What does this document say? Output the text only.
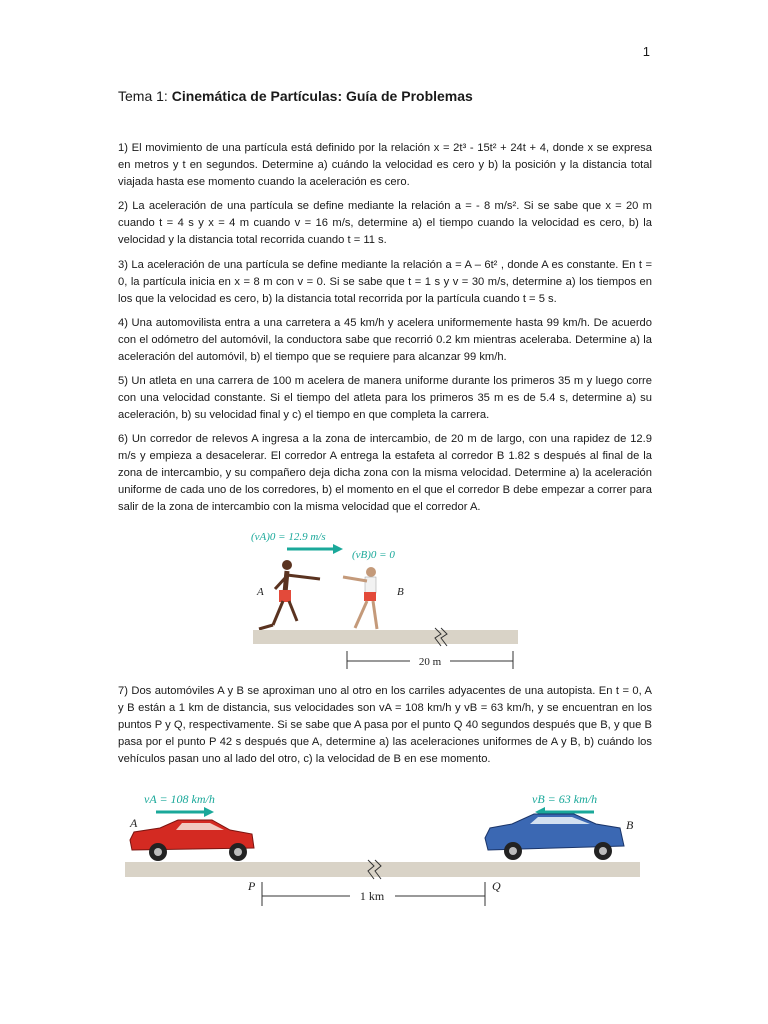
1
Tema 1: Cinemática de Partículas: Guía de Problemas

1) El movimiento de una partícula está definido por la relación x = 2t³ - 15t² + 24t + 4, donde x se expresa en metros y t en segundos. Determine a) cuándo la velocidad es cero y b) la posición y la distancia total viajada hasta ese momento cuando la aceleración es cero.

2) La aceleración de una partícula se define mediante la relación a = - 8 m/s². Si se sabe que x = 20 m cuando t = 4 s y x = 4 m cuando v = 16 m/s, determine a) el tiempo cuando la velocidad es cero, b) la velocidad y la distancia total recorrida cuando t = 11 s.

3) La aceleración de una partícula se define mediante la relación a = A – 6t² , donde A es constante. En t = 0, la partícula inicia en x = 8 m con v = 0. Si se sabe que t = 1 s y v = 30 m/s, determine a) los tiempos en los que la velocidad es cero, b) la distancia total recorrida por la partícula cuando t = 5 s.

4) Una automovilista entra a una carretera a 45 km/h y acelera uniformemente hasta 99 km/h. De acuerdo con el odómetro del automóvil, la conductora sabe que recorrió 0.2 km mientras aceleraba. Determine a) la aceleración del automóvil, b) el tiempo que se requiere para alcanzar 99 km/h.

5) Un atleta en una carrera de 100 m acelera de manera uniforme durante los primeros 35 m y luego corre con una velocidad constante. Si el tiempo del atleta para los primeros 35 m es de 5.4 s, determine a) su aceleración, b) su velocidad final y c) el tiempo en que completa la carrera.

6) Un corredor de relevos A ingresa a la zona de intercambio, de 20 m de largo, con una rapidez de 12.9 m/s y empieza a desacelerar. El corredor A entrega la estafeta al corredor B 1.82 s después al final de la zona de intercambio, y su compañero deja dicha zona con la misma velocidad. Determine a) la aceleración uniforme de cada uno de los corredores, b) el momento en el que el corredor B debe empezar a correr para salir de la zona de intercambio con la misma velocidad que el corredor A.

(vA)0 = 12.9 m/s
(vB)0 = 0
A	B
20 m

7) Dos automóviles A y B se aproximan uno al otro en los carriles adyacentes de una autopista. En t = 0, A y B están a 1 km de distancia, sus velocidades son vA = 108 km/h y vB = 63 km/h, y se encuentran en los puntos P y Q, respectivamente. Si se sabe que A pasa por el punto Q 40 segundos después que B, y que B pasa por el punto P 42 s después que A, determine a) las aceleraciones uniformes de A y B, b) cuándo los vehículos pasan uno al lado del otro, c) la velocidad de B en ese momento.

vA = 108 km/h	vB = 63 km/h
A	B
P	Q
1 km
